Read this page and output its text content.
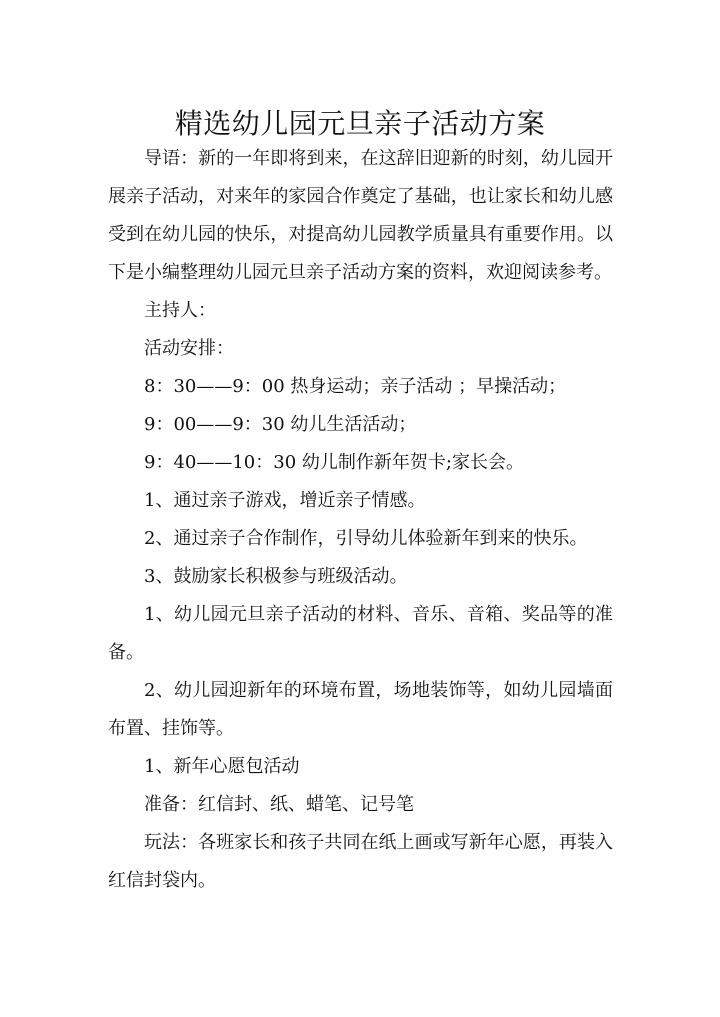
精选幼儿园元旦亲子活动方案

导语：新的一年即将到来，在这辞旧迎新的时刻，幼儿园开展亲子活动，对来年的家园合作奠定了基础，也让家长和幼儿感受到在幼儿园的快乐，对提高幼儿园教学质量具有重要作用。以下是小编整理幼儿园元旦亲子活动方案的资料，欢迎阅读参考。

主持人：

活动安排：

8：30——9：00 热身运动；亲子活动 ；早操活动；

9：00——9：30 幼儿生活活动；

9：40——10：30 幼儿制作新年贺卡;家长会。

1、通过亲子游戏，增近亲子情感。

2、通过亲子合作制作，引导幼儿体验新年到来的快乐。

3、鼓励家长积极参与班级活动。

1、幼儿园元旦亲子活动的材料、音乐、音箱、奖品等的准备。

2、幼儿园迎新年的环境布置，场地装饰等，如幼儿园墙面布置、挂饰等。

1、新年心愿包活动

准备：红信封、纸、蜡笔、记号笔

玩法：各班家长和孩子共同在纸上画或写新年心愿，再装入红信封袋内。
